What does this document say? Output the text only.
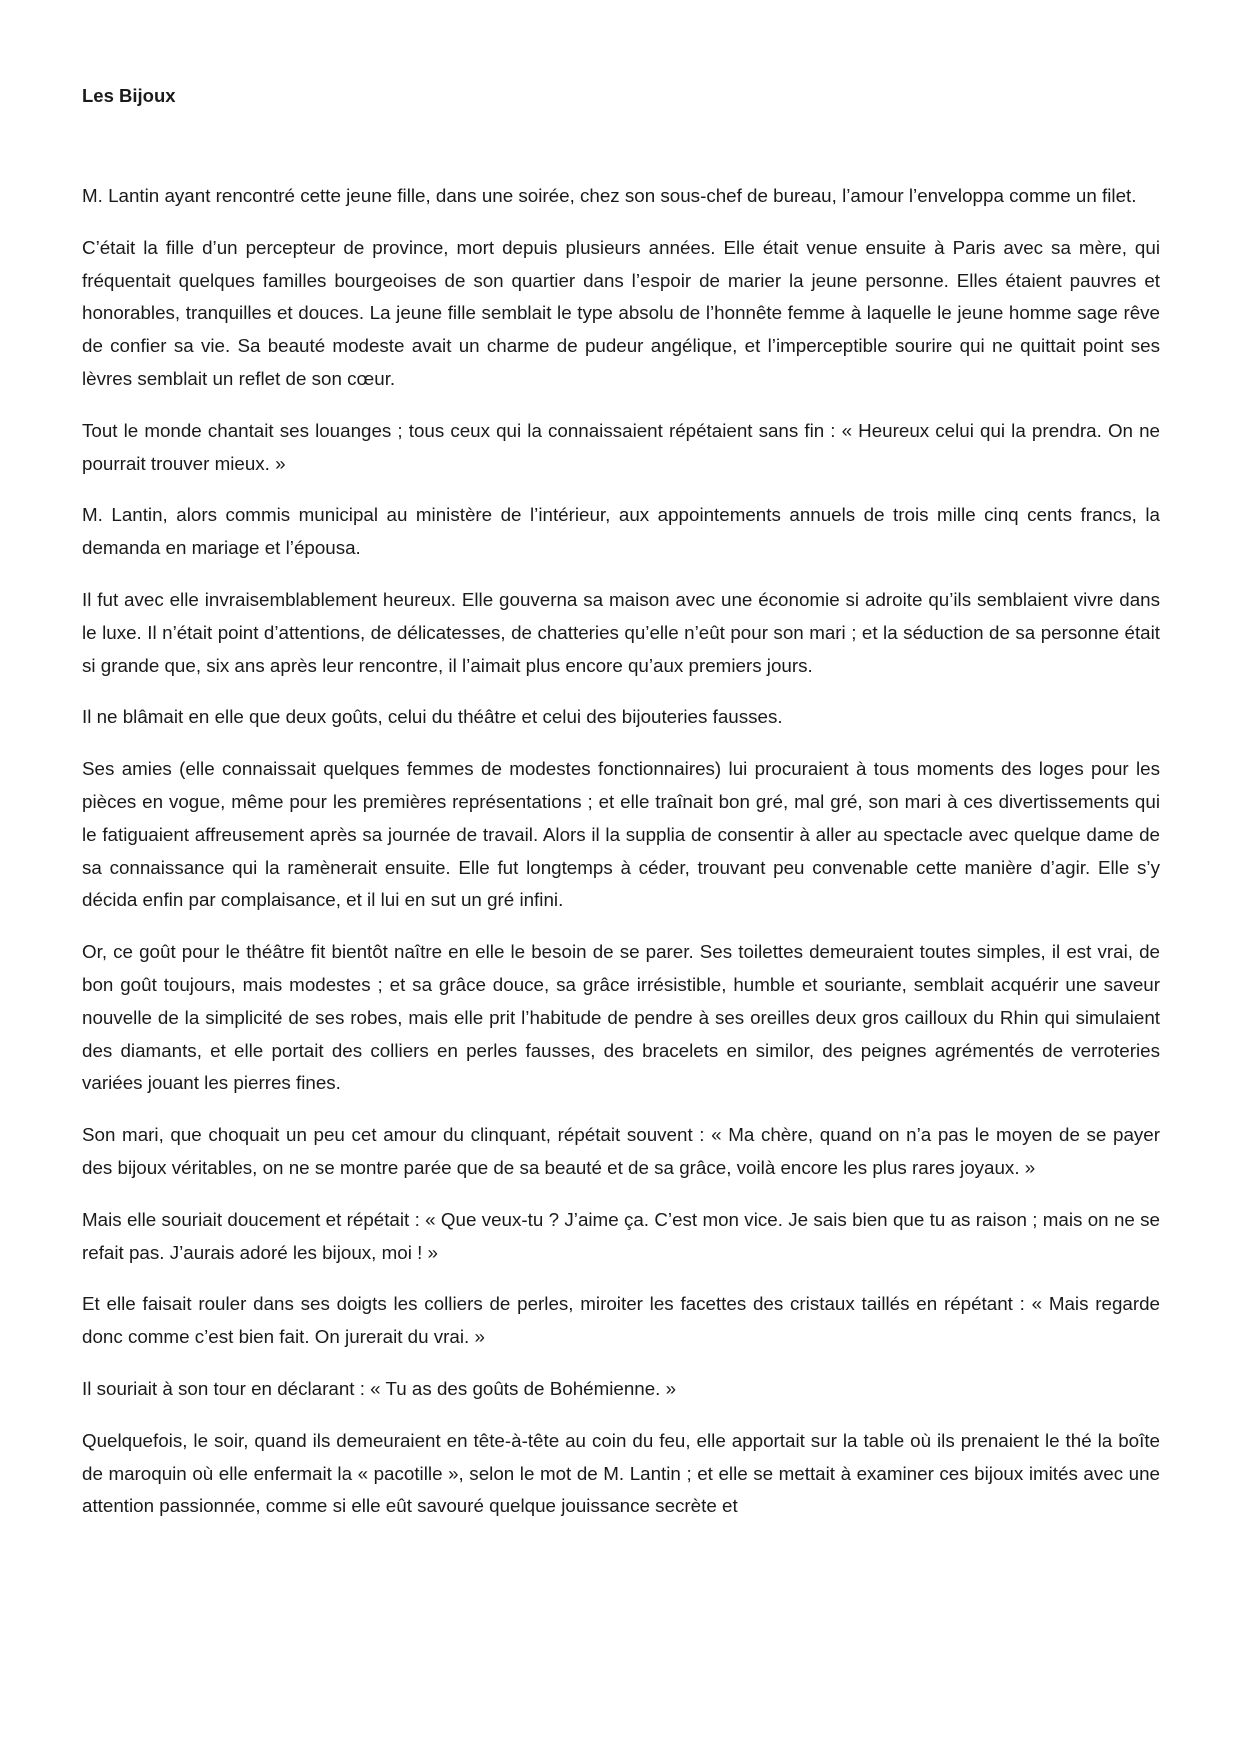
Les Bijoux

M. Lantin ayant rencontré cette jeune fille, dans une soirée, chez son sous-chef de bureau, l’amour l’enveloppa comme un filet.

C’était la fille d’un percepteur de province, mort depuis plusieurs années. Elle était venue ensuite à Paris avec sa mère, qui fréquentait quelques familles bourgeoises de son quartier dans l’espoir de marier la jeune personne. Elles étaient pauvres et honorables, tranquilles et douces. La jeune fille semblait le type absolu de l’honnête femme à laquelle le jeune homme sage rêve de confier sa vie. Sa beauté modeste avait un charme de pudeur angélique, et l’imperceptible sourire qui ne quittait point ses lèvres semblait un reflet de son cœur.

Tout le monde chantait ses louanges ; tous ceux qui la connaissaient répétaient sans fin : « Heureux celui qui la prendra. On ne pourrait trouver mieux. »

M. Lantin, alors commis municipal au ministère de l’intérieur, aux appointements annuels de trois mille cinq cents francs, la demanda en mariage et l’épousa.

Il fut avec elle invraisemblablement heureux. Elle gouverna sa maison avec une économie si adroite qu’ils semblaient vivre dans le luxe. Il n’était point d’attentions, de délicatesses, de chatteries qu’elle n’eût pour son mari ; et la séduction de sa personne était si grande que, six ans après leur rencontre, il l’aimait plus encore qu’aux premiers jours.

Il ne blâmait en elle que deux goûts, celui du théâtre et celui des bijouteries fausses.

Ses amies (elle connaissait quelques femmes de modestes fonctionnaires) lui procuraient à tous moments des loges pour les pièces en vogue, même pour les premières représentations ; et elle traînait bon gré, mal gré, son mari à ces divertissements qui le fatiguaient affreusement après sa journée de travail. Alors il la supplia de consentir à aller au spectacle avec quelque dame de sa connaissance qui la ramènerait ensuite. Elle fut longtemps à céder, trouvant peu convenable cette manière d’agir. Elle s’y décida enfin par complaisance, et il lui en sut un gré infini.

Or, ce goût pour le théâtre fit bientôt naître en elle le besoin de se parer. Ses toilettes demeuraient toutes simples, il est vrai, de bon goût toujours, mais modestes ; et sa grâce douce, sa grâce irrésistible, humble et souriante, semblait acquérir une saveur nouvelle de la simplicité de ses robes, mais elle prit l’habitude de pendre à ses oreilles deux gros cailloux du Rhin qui simulaient des diamants, et elle portait des colliers en perles fausses, des bracelets en similor, des peignes agrémentés de verroteries variées jouant les pierres fines.

Son mari, que choquait un peu cet amour du clinquant, répétait souvent : « Ma chère, quand on n’a pas le moyen de se payer des bijoux véritables, on ne se montre parée que de sa beauté et de sa grâce, voilà encore les plus rares joyaux. »

Mais elle souriait doucement et répétait : « Que veux-tu ? J’aime ça. C’est mon vice. Je sais bien que tu as raison ; mais on ne se refait pas. J’aurais adoré les bijoux, moi ! »

Et elle faisait rouler dans ses doigts les colliers de perles, miroiter les facettes des cristaux taillés en répétant : « Mais regarde donc comme c’est bien fait. On jurerait du vrai. »

Il souriait à son tour en déclarant : « Tu as des goûts de Bohémienne. »

Quelquefois, le soir, quand ils demeuraient en tête-à-tête au coin du feu, elle apportait sur la table où ils prenaient le thé la boîte de maroquin où elle enfermait la « pacotille », selon le mot de M. Lantin ; et elle se mettait à examiner ces bijoux imités avec une attention passionnée, comme si elle eût savouré quelque jouissance secrète et
